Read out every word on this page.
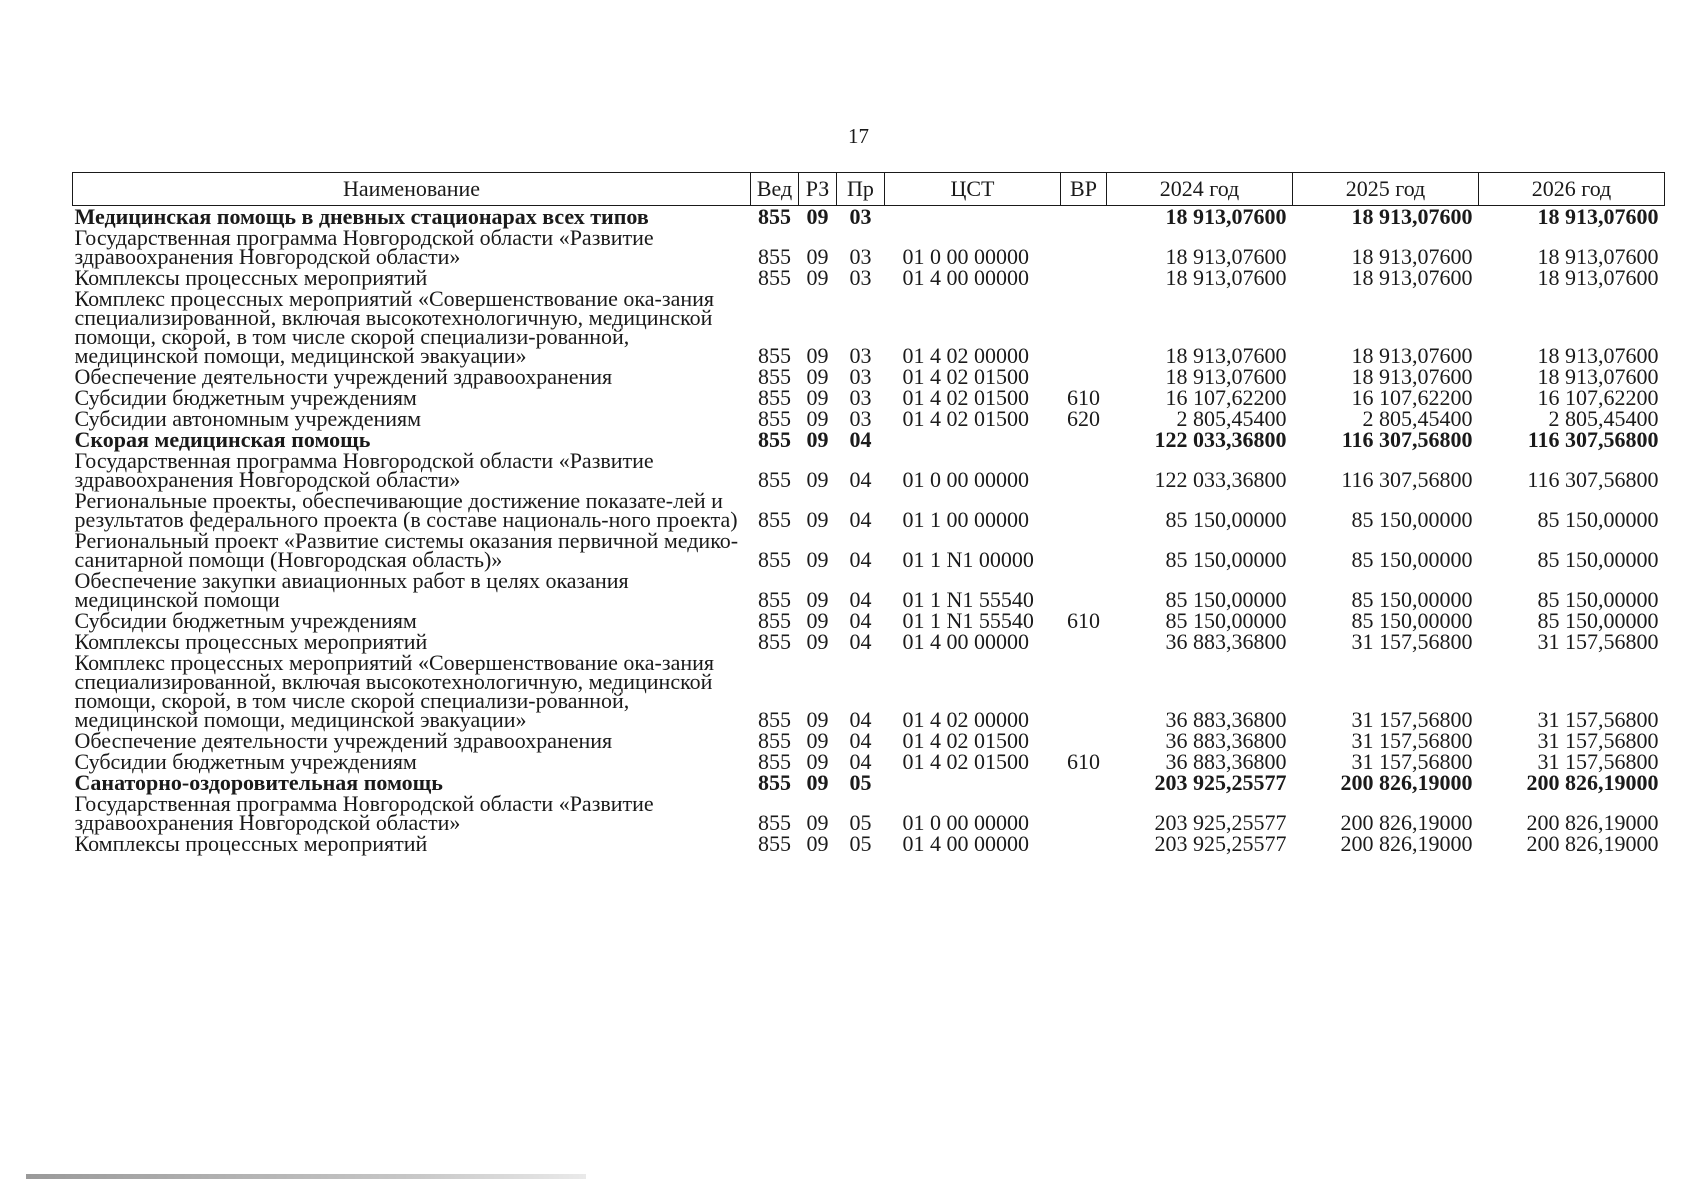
17
Наименование	Вед	РЗ	Пр	ЦСТ	ВР	2024 год	2025 год	2026 год
Медицинская помощь в дневных стационарах всех типов	855	09	03			18 913,07600	18 913,07600	18 913,07600
Государственная программа Новгородской области «Развитие здравоохранения Новгородской области»	855	09	03	01 0 00 00000		18 913,07600	18 913,07600	18 913,07600
Комплексы процессных мероприятий	855	09	03	01 4 00 00000		18 913,07600	18 913,07600	18 913,07600
Комплекс процессных мероприятий «Совершенствование ока-зания специализированной, включая высокотехнологичную, медицинской помощи, скорой, в том числе скорой специализи-рованной, медицинской помощи, медицинской эвакуации»	855	09	03	01 4 02 00000		18 913,07600	18 913,07600	18 913,07600
Обеспечение деятельности учреждений здравоохранения	855	09	03	01 4 02 01500		18 913,07600	18 913,07600	18 913,07600
Субсидии бюджетным учреждениям	855	09	03	01 4 02 01500	610	16 107,62200	16 107,62200	16 107,62200
Субсидии автономным учреждениям	855	09	03	01 4 02 01500	620	2 805,45400	2 805,45400	2 805,45400
Скорая медицинская помощь	855	09	04			122 033,36800	116 307,56800	116 307,56800
Государственная программа Новгородской области «Развитие здравоохранения Новгородской области»	855	09	04	01 0 00 00000		122 033,36800	116 307,56800	116 307,56800
Региональные проекты, обеспечивающие достижение показате-лей и результатов федерального проекта (в составе националь-ного проекта)	855	09	04	01 1 00 00000		85 150,00000	85 150,00000	85 150,00000
Региональный проект «Развитие системы оказания первичной медико-санитарной помощи (Новгородская область)»	855	09	04	01 1 N1 00000		85 150,00000	85 150,00000	85 150,00000
Обеспечение закупки авиационных работ в целях оказания медицинской помощи	855	09	04	01 1 N1 55540		85 150,00000	85 150,00000	85 150,00000
Субсидии бюджетным учреждениям	855	09	04	01 1 N1 55540	610	85 150,00000	85 150,00000	85 150,00000
Комплексы процессных мероприятий	855	09	04	01 4 00 00000		36 883,36800	31 157,56800	31 157,56800
Комплекс процессных мероприятий «Совершенствование ока-зания специализированной, включая высокотехнологичную, медицинской помощи, скорой, в том числе скорой специализи-рованной, медицинской помощи, медицинской эвакуации»	855	09	04	01 4 02 00000		36 883,36800	31 157,56800	31 157,56800
Обеспечение деятельности учреждений здравоохранения	855	09	04	01 4 02 01500		36 883,36800	31 157,56800	31 157,56800
Субсидии бюджетным учреждениям	855	09	04	01 4 02 01500	610	36 883,36800	31 157,56800	31 157,56800
Санаторно-оздоровительная помощь	855	09	05			203 925,25577	200 826,19000	200 826,19000
Государственная программа Новгородской области «Развитие здравоохранения Новгородской области»	855	09	05	01 0 00 00000		203 925,25577	200 826,19000	200 826,19000
Комплексы процессных мероприятий	855	09	05	01 4 00 00000		203 925,25577	200 826,19000	200 826,19000
